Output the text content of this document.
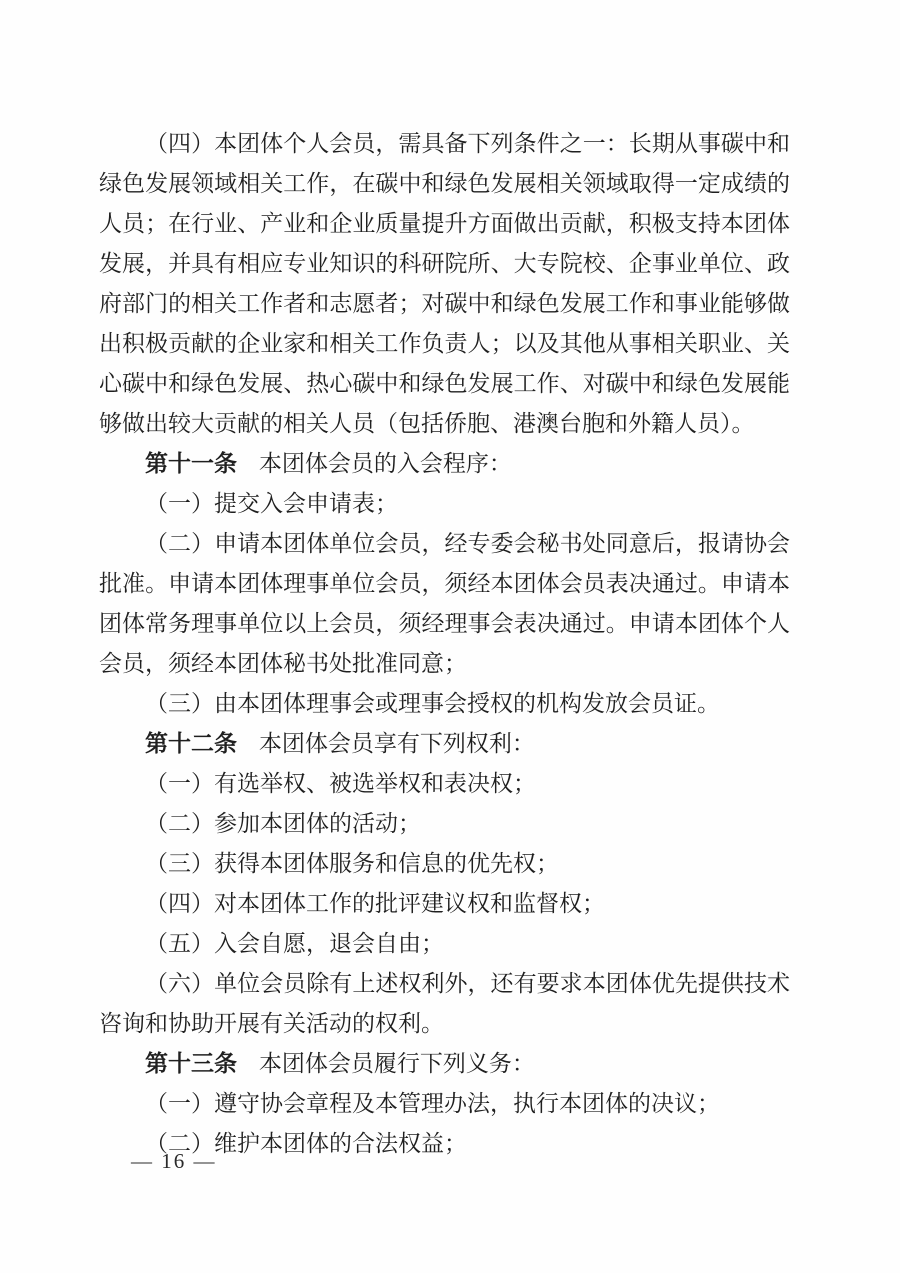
（四）本团体个人会员，需具备下列条件之一：长期从事碳中和绿色发展领域相关工作，在碳中和绿色发展相关领域取得一定成绩的人员；在行业、产业和企业质量提升方面做出贡献，积极支持本团体发展，并具有相应专业知识的科研院所、大专院校、企事业单位、政府部门的相关工作者和志愿者；对碳中和绿色发展工作和事业能够做出积极贡献的企业家和相关工作负责人；以及其他从事相关职业、关心碳中和绿色发展、热心碳中和绿色发展工作、对碳中和绿色发展能够做出较大贡献的相关人员（包括侨胞、港澳台胞和外籍人员）。

第十一条 本团体会员的入会程序：

（一）提交入会申请表；

（二）申请本团体单位会员，经专委会秘书处同意后，报请协会批准。申请本团体理事单位会员，须经本团体会员表决通过。申请本团体常务理事单位以上会员，须经理事会表决通过。申请本团体个人会员，须经本团体秘书处批准同意；

（三）由本团体理事会或理事会授权的机构发放会员证。

第十二条 本团体会员享有下列权利：

（一）有选举权、被选举权和表决权；

（二）参加本团体的活动；

（三）获得本团体服务和信息的优先权；

（四）对本团体工作的批评建议权和监督权；

（五）入会自愿，退会自由；

（六）单位会员除有上述权利外，还有要求本团体优先提供技术咨询和协助开展有关活动的权利。

第十三条 本团体会员履行下列义务：

（一）遵守协会章程及本管理办法，执行本团体的决议；

（二）维护本团体的合法权益；

— 16 —
